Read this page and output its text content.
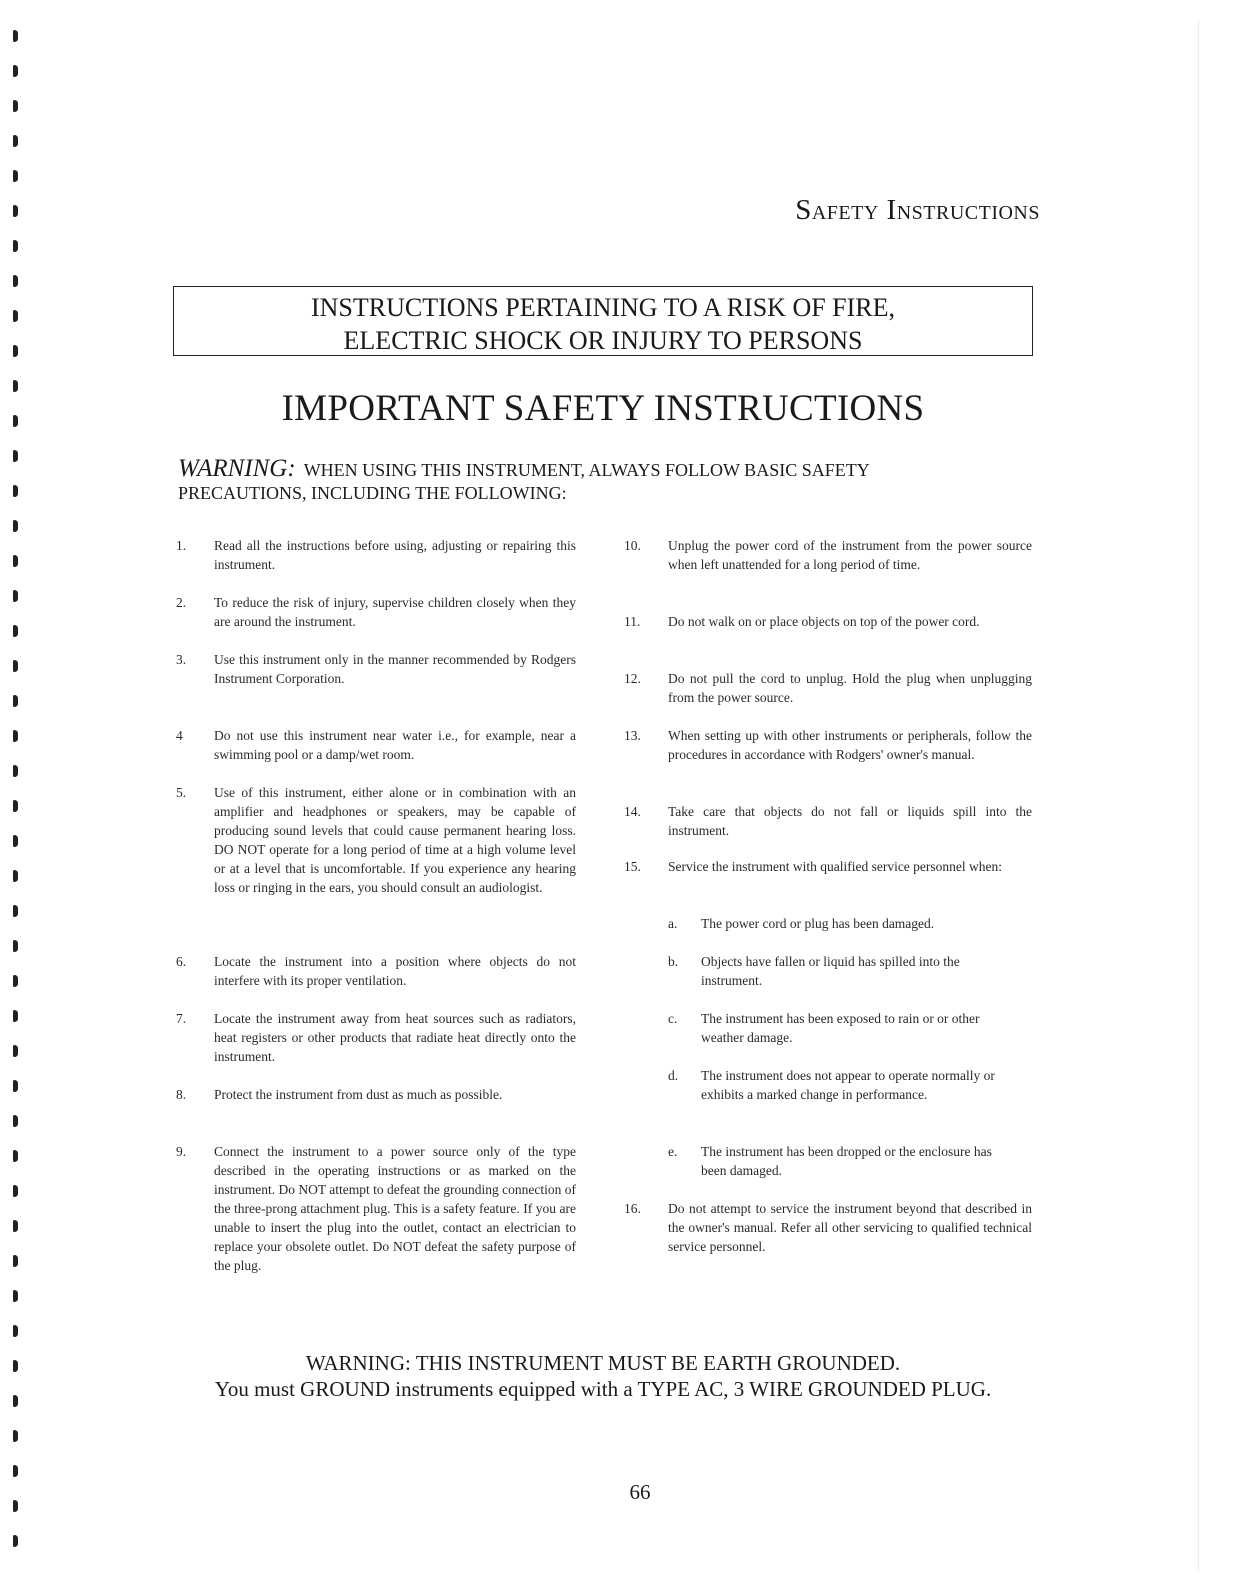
Safety Instructions
INSTRUCTIONS PERTAINING TO A RISK OF FIRE,
ELECTRIC SHOCK OR INJURY TO PERSONS
IMPORTANT SAFETY INSTRUCTIONS
WARNING: WHEN USING THIS INSTRUMENT, ALWAYS FOLLOW BASIC SAFETY PRECAUTIONS, INCLUDING THE FOLLOWING:
1. Read all the instructions before using, adjusting or repairing this instrument.
2. To reduce the risk of injury, supervise children closely when they are around the instrument.
3. Use this instrument only in the manner recommended by Rodgers Instrument Corporation.
4 Do not use this instrument near water i.e., for example, near a swimming pool or a damp/wet room.
5. Use of this instrument, either alone or in combination with an amplifier and headphones or speakers, may be capable of producing sound levels that could cause permanent hearing loss. DO NOT operate for a long period of time at a high volume level or at a level that is uncomfortable. If you experience any hearing loss or ringing in the ears, you should consult an audiologist.
6. Locate the instrument into a position where objects do not interfere with its proper ventilation.
7. Locate the instrument away from heat sources such as radiators, heat registers or other products that radiate heat directly onto the instrument.
8. Protect the instrument from dust as much as possible.
9. Connect the instrument to a power source only of the type described in the operating instructions or as marked on the instrument. Do NOT attempt to defeat the grounding connection of the three-prong attachment plug. This is a safety feature. If you are unable to insert the plug into the outlet, contact an electrician to replace your obsolete outlet. Do NOT defeat the safety purpose of the plug.
10. Unplug the power cord of the instrument from the power source when left unattended for a long period of time.
11. Do not walk on or place objects on top of the power cord.
12. Do not pull the cord to unplug. Hold the plug when unplugging from the power source.
13. When setting up with other instruments or peripherals, follow the procedures in accordance with Rodgers' owner's manual.
14. Take care that objects do not fall or liquids spill into the instrument.
15. Service the instrument with qualified service personnel when:
a. The power cord or plug has been damaged.
b. Objects have fallen or liquid has spilled into the instrument.
c. The instrument has been exposed to rain or or other weather damage.
d. The instrument does not appear to operate normally or exhibits a marked change in performance.
e. The instrument has been dropped or the enclosure has been damaged.
16. Do not attempt to service the instrument beyond that described in the owner's manual. Refer all other servicing to qualified technical service personnel.
WARNING: THIS INSTRUMENT MUST BE EARTH GROUNDED.
You must GROUND instruments equipped with a TYPE AC, 3 WIRE GROUNDED PLUG.
66
